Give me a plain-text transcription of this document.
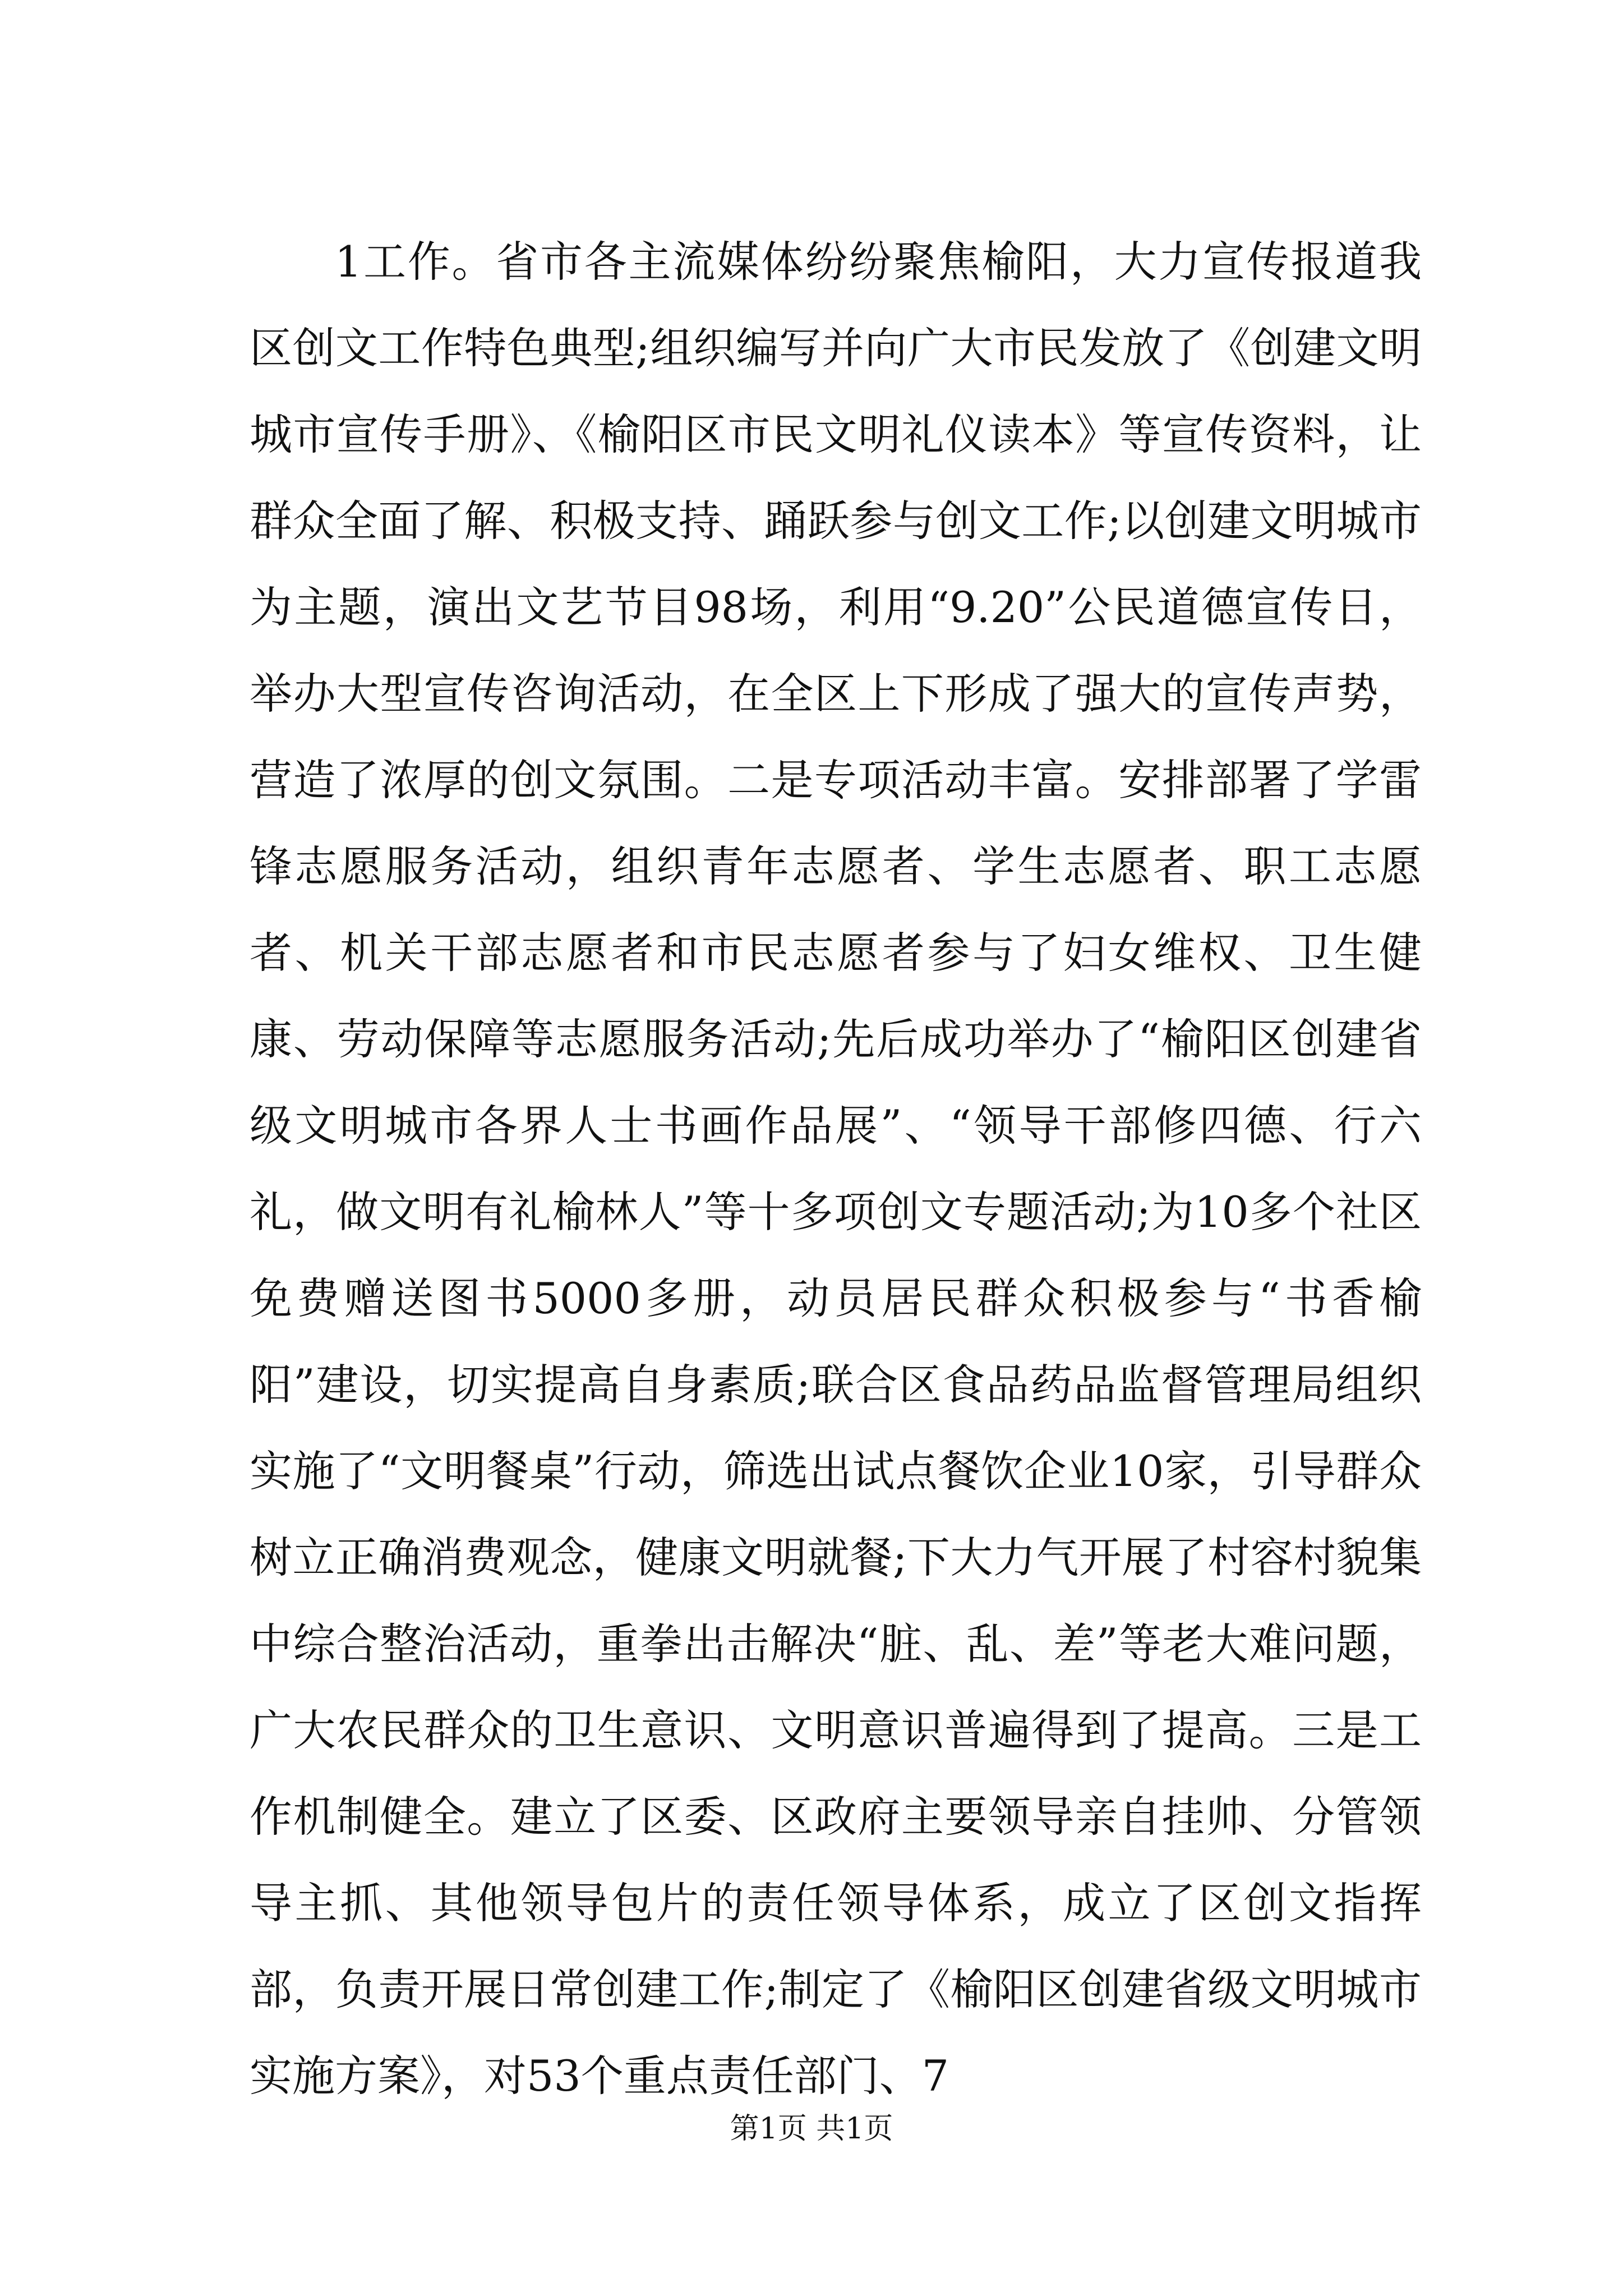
1工作。省市各主流媒体纷纷聚焦榆阳，大力宣传报道我区创文工作特色典型;组织编写并向广大市民发放了《创建文明城市宣传手册》、《榆阳区市民文明礼仪读本》等宣传资料，让群众全面了解、积极支持、踊跃参与创文工作;以创建文明城市为主题，演出文艺节目98场，利用“9.20”公民道德宣传日，举办大型宣传咨询活动，在全区上下形成了强大的宣传声势，营造了浓厚的创文氛围。二是专项活动丰富。安排部署了学雷锋志愿服务活动，组织青年志愿者、学生志愿者、职工志愿者、机关干部志愿者和市民志愿者参与了妇女维权、卫生健康、劳动保障等志愿服务活动;先后成功举办了“榆阳区创建省级文明城市各界人士书画作品展”、“领导干部修四德、行六礼，做文明有礼榆林人”等十多项创文专题活动;为10多个社区免费赠送图书5000多册，动员居民群众积极参与“书香榆阳”建设，切实提高自身素质;联合区食品药品监督管理局组织实施了“文明餐桌”行动，筛选出试点餐饮企业10家，引导群众树立正确消费观念，健康文明就餐;下大力气开展了村容村貌集中综合整治活动，重拳出击解决“脏、乱、差”等老大难问题，广大农民群众的卫生意识、文明意识普遍得到了提高。三是工作机制健全。建立了区委、区政府主要领导亲自挂帅、分管领导主抓、其他领导包片的责任领导体系，成立了区创文指挥部，负责开展日常创建工作;制定了《榆阳区创建省级文明城市实施方案》，对53个重点责任部门、7

第1页 共1页
